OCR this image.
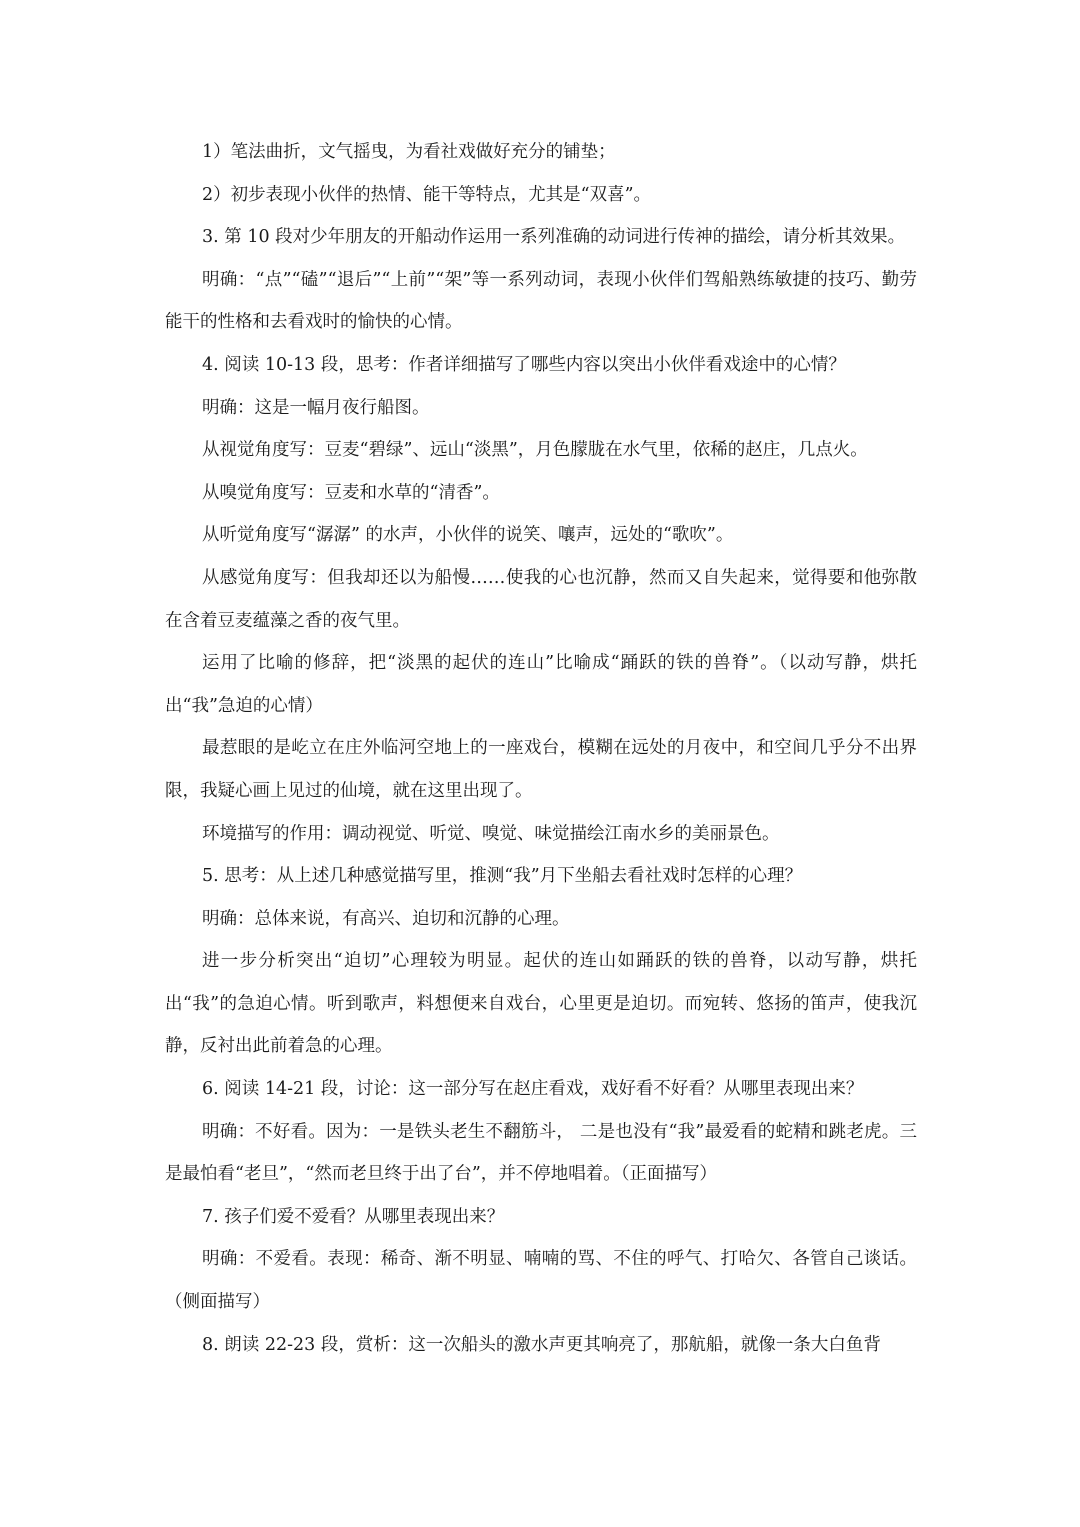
1）笔法曲折，文气摇曳，为看社戏做好充分的铺垫；

2）初步表现小伙伴的热情、能干等特点，尤其是“双喜”。

3. 第 10 段对少年朋友的开船动作运用一系列准确的动词进行传神的描绘，请分析其效果。

明确：“点”“磕”“退后”“上前”“架”等一系列动词，表现小伙伴们驾船熟练敏捷的技巧、勤劳能干的性格和去看戏时的愉快的心情。

4. 阅读 10-13 段，思考：作者详细描写了哪些内容以突出小伙伴看戏途中的心情？

明确：这是一幅月夜行船图。

从视觉角度写：豆麦“碧绿”、远山“淡黑”，月色朦胧在水气里，依稀的赵庄，几点火。

从嗅觉角度写：豆麦和水草的“清香”。

从听觉角度写“潺潺” 的水声，小伙伴的说笑、嚷声，远处的“歌吹”。

从感觉角度写：但我却还以为船慢……使我的心也沉静，然而又自失起来，觉得要和他弥散在含着豆麦蕴藻之香的夜气里。

运用了比喻的修辞，把“淡黑的起伏的连山”比喻成“踊跃的铁的兽脊”。（以动写静，烘托出“我”急迫的心情）

最惹眼的是屹立在庄外临河空地上的一座戏台，模糊在远处的月夜中，和空间几乎分不出界限，我疑心画上见过的仙境，就在这里出现了。

环境描写的作用：调动视觉、听觉、嗅觉、味觉描绘江南水乡的美丽景色。

5. 思考：从上述几种感觉描写里，推测“我”月下坐船去看社戏时怎样的心理？

明确：总体来说，有高兴、迫切和沉静的心理。

进一步分析突出“迫切”心理较为明显。起伏的连山如踊跃的铁的兽脊，以动写静，烘托出“我”的急迫心情。听到歌声，料想便来自戏台，心里更是迫切。而宛转、悠扬的笛声，使我沉静，反衬出此前着急的心理。

6. 阅读 14-21 段，讨论：这一部分写在赵庄看戏，戏好看不好看？从哪里表现出来？

明确：不好看。因为：一是铁头老生不翻筋斗， 二是也没有“我”最爱看的蛇精和跳老虎。三是最怕看“老旦”，“然而老旦终于出了台”，并不停地唱着。（正面描写）

7. 孩子们爱不爱看？从哪里表现出来？

明确：不爱看。表现：稀奇、渐不明显、喃喃的骂、不住的呼气、打哈欠、各管自己谈话。（侧面描写）

8. 朗读 22-23 段，赏析：这一次船头的激水声更其响亮了，那航船，就像一条大白鱼背
